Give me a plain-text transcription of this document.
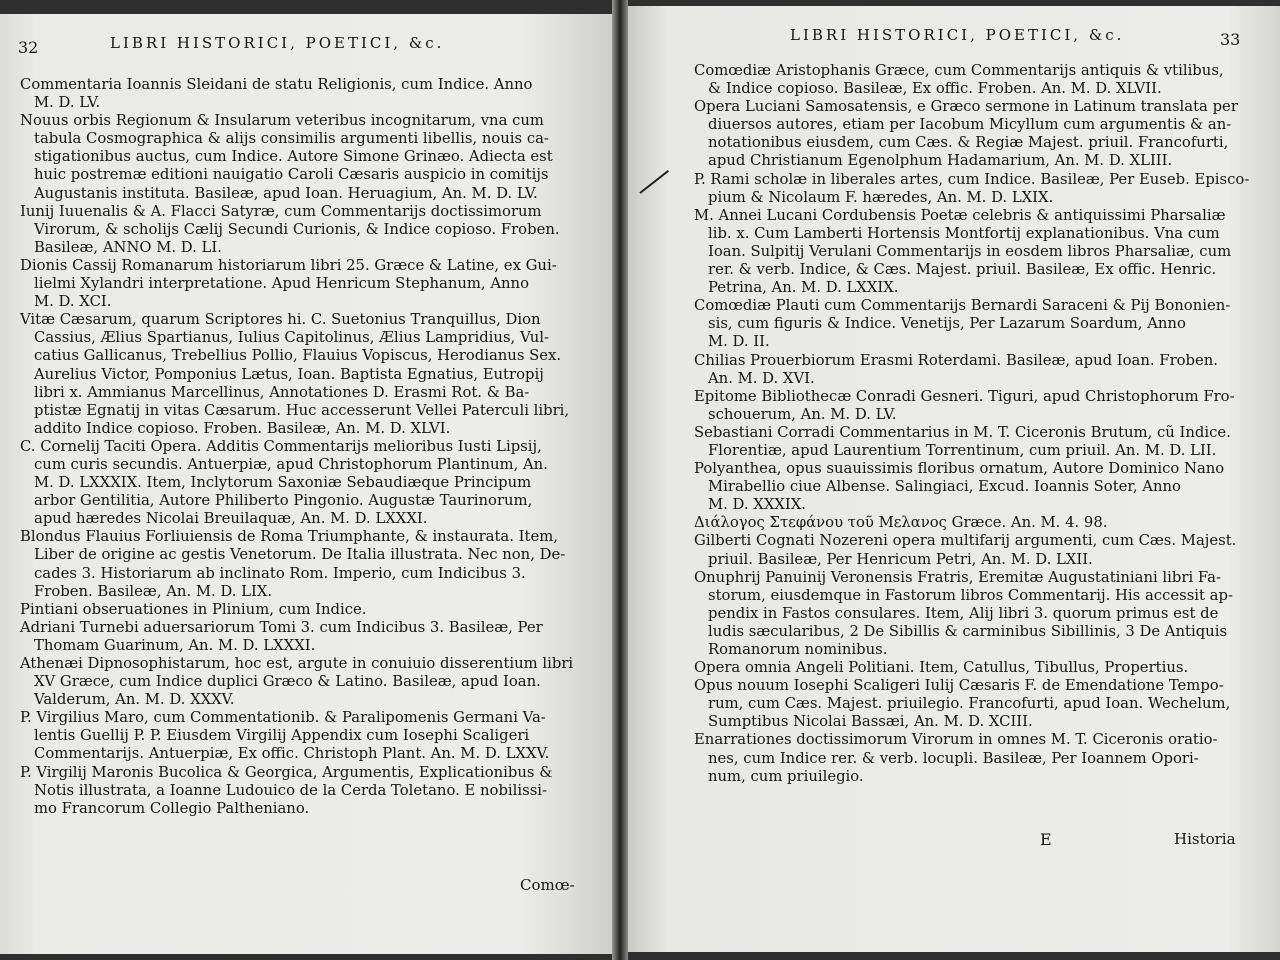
32	LIBRI HISTORICI, POETICI, &c.
Commentaria Ioannis Sleidani de statu Religionis, cum Indice. Anno
M. D. LV.
Nouus orbis Regionum & Insularum veteribus incognitarum, vna cum
tabula Cosmographica & alijs consimilis argumenti libellis, nouis ca-
stigationibus auctus, cum Indice. Autore Simone Grinæo. Adiecta est
huic postremæ editioni nauigatio Caroli Cæsaris auspicio in comitijs
Augustanis instituta. Basileæ, apud Ioan. Heruagium, An. M. D. LV.
Iunij Iuuenalis & A. Flacci Satyræ, cum Commentarijs doctissimorum
Virorum, & scholijs Cælij Secundi Curionis, & Indice copioso. Froben.
Basileæ, ANNO M. D. LI.
Dionis Cassij Romanarum historiarum libri 25. Græce & Latine, ex Gui-
lielmi Xylandri interpretatione. Apud Henricum Stephanum, Anno
M. D. XCI.
Vitæ Cæsarum, quarum Scriptores hi. C. Suetonius Tranquillus, Dion
Cassius, Ælius Spartianus, Iulius Capitolinus, Ælius Lampridius, Vul-
catius Gallicanus, Trebellius Pollio, Flauius Vopiscus, Herodianus Sex.
Aurelius Victor, Pomponius Lætus, Ioan. Baptista Egnatius, Eutropij
libri x. Ammianus Marcellinus, Annotationes D. Erasmi Rot. & Ba-
ptistæ Egnatij in vitas Cæsarum. Huc accesserunt Vellei Paterculi libri,
addito Indice copioso. Froben. Basileæ, An. M. D. XLVI.
C. Cornelij Taciti Opera. Additis Commentarijs melioribus Iusti Lipsij,
cum curis secundis. Antuerpiæ, apud Christophorum Plantinum, An.
M. D. LXXXIX. Item, Inclytorum Saxoniæ Sebaudiæque Principum
arbor Gentilitia, Autore Philiberto Pingonio. Augustæ Taurinorum,
apud hæredes Nicolai Breuilaquæ, An. M. D. LXXXI.
Blondus Flauius Forliuiensis de Roma Triumphante, & instaurata. Item,
Liber de origine ac gestis Venetorum. De Italia illustrata. Nec non, De-
cades 3. Historiarum ab inclinato Rom. Imperio, cum Indicibus 3.
Froben. Basileæ, An. M. D. LIX.
Pintiani obseruationes in Plinium, cum Indice.
Adriani Turnebi aduersariorum Tomi 3. cum Indicibus 3. Basileæ, Per
Thomam Guarinum, An. M. D. LXXXI.
Athenæi Dipnosophistarum, hoc est, argute in conuiuio disserentium libri
XV Græce, cum Indice duplici Græco & Latino. Basileæ, apud Ioan.
Valderum, An. M. D. XXXV.
P. Virgilius Maro, cum Commentationib. & Paralipomenis Germani Va-
lentis Guellij P. P. Eiusdem Virgilij Appendix cum Iosephi Scaligeri
Commentarijs. Antuerpiæ, Ex offic. Christoph Plant. An. M. D. LXXV.
P. Virgilij Maronis Bucolica & Georgica, Argumentis, Explicationibus &
Notis illustrata, a Ioanne Ludouico de la Cerda Toletano. E nobilissi-
mo Francorum Collegio Paltheniano.
Comœ-
LIBRI HISTORICI, POETICI, &c.	33
Comœdiæ Aristophanis Græce, cum Commentarijs antiquis & vtilibus,
& Indice copioso. Basileæ, Ex offic. Froben. An. M. D. XLVII.
Opera Luciani Samosatensis, e Græco sermone in Latinum translata per
diuersos autores, etiam per Iacobum Micyllum cum argumentis & an-
notationibus eiusdem, cum Cæs. & Regiæ Majest. priuil. Francofurti,
apud Christianum Egenolphum Hadamarium, An. M. D. XLIII.
P. Rami scholæ in liberales artes, cum Indice. Basileæ, Per Euseb. Episco-
pium & Nicolaum F. hæredes, An. M. D. LXIX.
M. Annei Lucani Cordubensis Poetæ celebris & antiquissimi Pharsaliæ
lib. x. Cum Lamberti Hortensis Montfortij explanationibus. Vna cum
Ioan. Sulpitij Verulani Commentarijs in eosdem libros Pharsaliæ, cum
rer. & verb. Indice, & Cæs. Majest. priuil. Basileæ, Ex offic. Henric.
Petrina, An. M. D. LXXIX.
Comœdiæ Plauti cum Commentarijs Bernardi Saraceni & Pij Bononien-
sis, cum figuris & Indice. Venetijs, Per Lazarum Soardum, Anno
M. D. II.
Chilias Prouerbiorum Erasmi Roterdami. Basileæ, apud Ioan. Froben.
An. M. D. XVI.
Epitome Bibliothecæ Conradi Gesneri. Tiguri, apud Christophorum Fro-
schouerum, An. M. D. LV.
Sebastiani Corradi Commentarius in M. T. Ciceronis Brutum, cũ Indice.
Florentiæ, apud Laurentium Torrentinum, cum priuil. An. M. D. LII.
Polyanthea, opus suauissimis floribus ornatum, Autore Dominico Nano
Mirabellio ciue Albense. Salingiaci, Excud. Ioannis Soter, Anno
M. D. XXXIX.
Διάλογος Στεφάνου τοῦ Μελανος Græce. An. M. 4. 98.
Gilberti Cognati Nozereni opera multifarij argumenti, cum Cæs. Majest.
priuil. Basileæ, Per Henricum Petri, An. M. D. LXII.
Onuphrij Panuinij Veronensis Fratris, Eremitæ Augustatiniani libri Fa-
storum, eiusdemque in Fastorum libros Commentarij. His accessit ap-
pendix in Fastos consulares. Item, Alij libri 3. quorum primus est de
ludis sæcularibus, 2 De Sibillis & carminibus Sibillinis, 3 De Antiquis
Romanorum nominibus.
Opera omnia Angeli Politiani. Item, Catullus, Tibullus, Propertius.
Opus nouum Iosephi Scaligeri Iulij Cæsaris F. de Emendatione Tempo-
rum, cum Cæs. Majest. priuilegio. Francofurti, apud Ioan. Wechelum,
Sumptibus Nicolai Bassæi, An. M. D. XCIII.
Enarrationes doctissimorum Virorum in omnes M. T. Ciceronis oratio-
nes, cum Indice rer. & verb. locupli. Basileæ, Per Ioannem Opori-
num, cum priuilegio.
E	Historia
